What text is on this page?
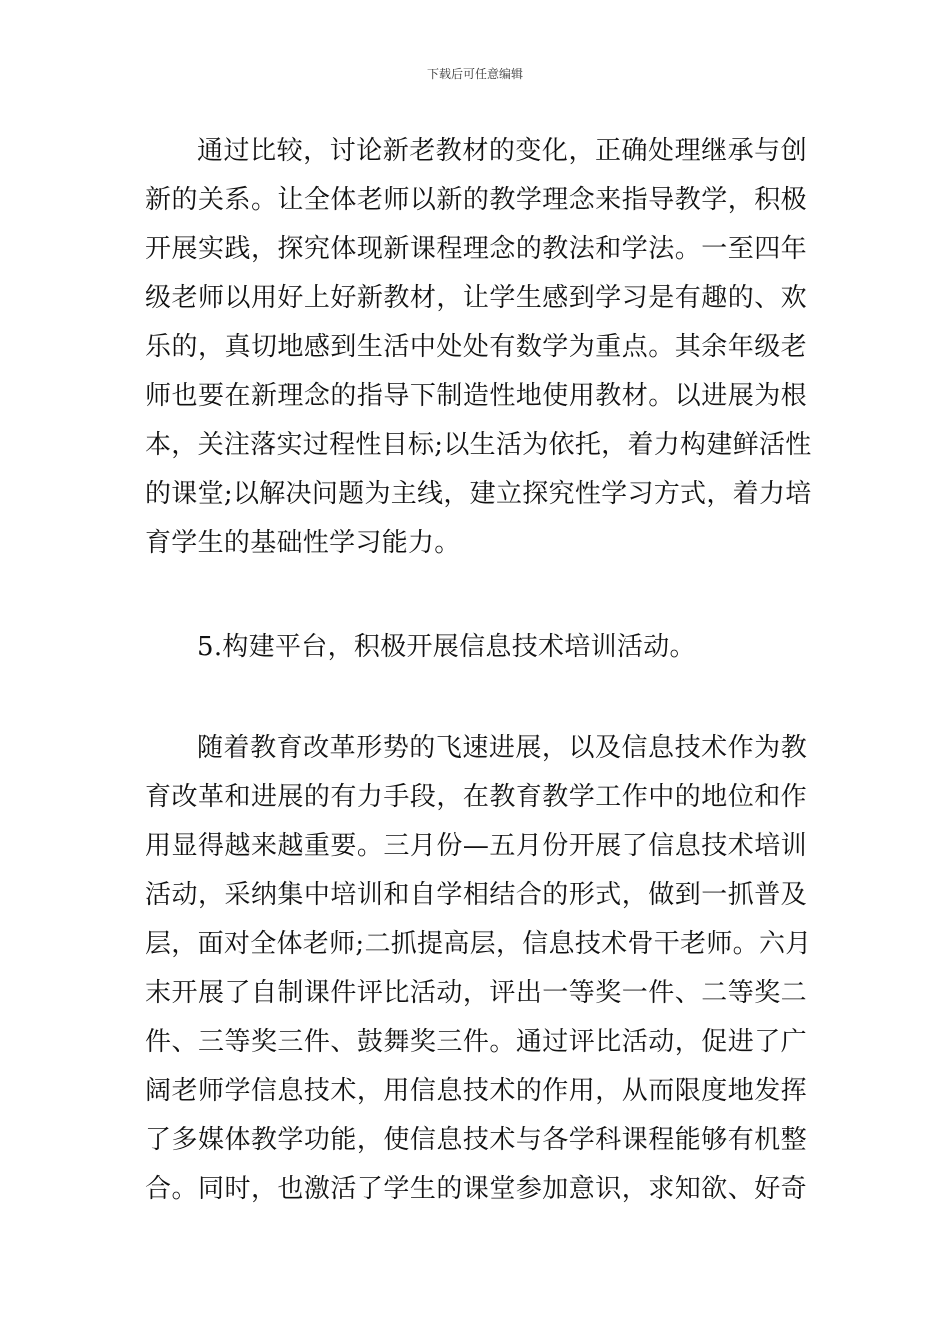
下载后可任意编辑
通过比较，讨论新老教材的变化，正确处理继承与创
新的关系。让全体老师以新的教学理念来指导教学，积极
开展实践，探究体现新课程理念的教法和学法。一至四年
级老师以用好上好新教材，让学生感到学习是有趣的、欢
乐的，真切地感到生活中处处有数学为重点。其余年级老
师也要在新理念的指导下制造性地使用教材。以进展为根
本，关注落实过程性目标;以生活为依托，着力构建鲜活性
的课堂;以解决问题为主线，建立探究性学习方式，着力培
育学生的基础性学习能力。
5.构建平台，积极开展信息技术培训活动。
随着教育改革形势的飞速进展，以及信息技术作为教
育改革和进展的有力手段，在教育教学工作中的地位和作
用显得越来越重要。三月份—五月份开展了信息技术培训
活动，采纳集中培训和自学相结合的形式，做到一抓普及
层，面对全体老师;二抓提高层，信息技术骨干老师。六月
末开展了自制课件评比活动，评出一等奖一件、二等奖二
件、三等奖三件、鼓舞奖三件。通过评比活动，促进了广
阔老师学信息技术，用信息技术的作用，从而限度地发挥
了多媒体教学功能，使信息技术与各学科课程能够有机整
合。同时，也激活了学生的课堂参加意识，求知欲、好奇
